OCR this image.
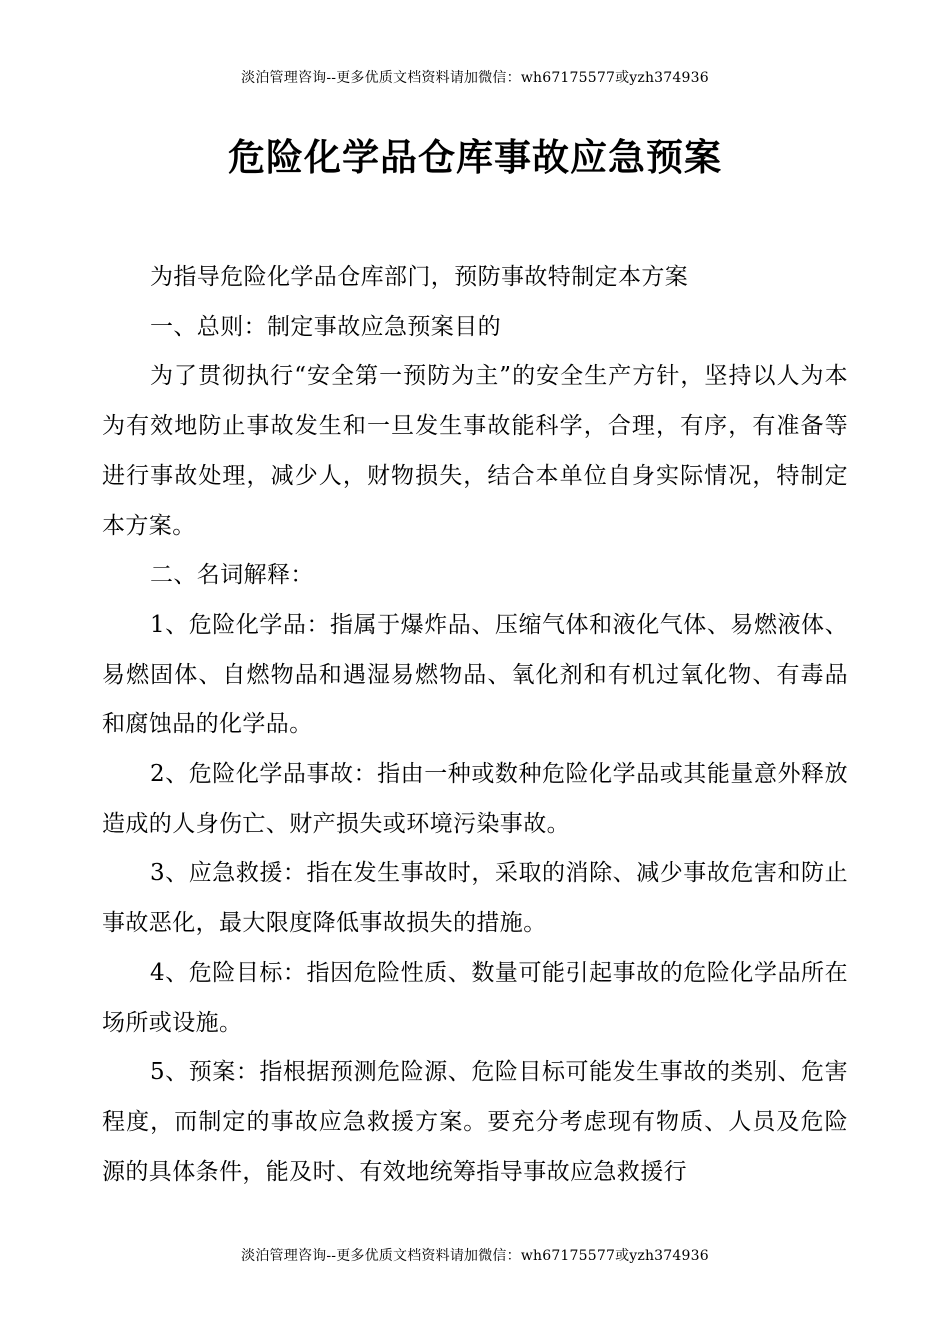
淡泊管理咨询--更多优质文档资料请加微信：wh67175577或yzh374936
危险化学品仓库事故应急预案

为指导危险化学品仓库部门，预防事故特制定本方案

一、总则：制定事故应急预案目的

为了贯彻执行“安全第一预防为主”的安全生产方针，坚持以人为本为有效地防止事故发生和一旦发生事故能科学，合理，有序，有准备等进行事故处理，减少人，财物损失，结合本单位自身实际情况，特制定本方案。

二、名词解释：

1、危险化学品：指属于爆炸品、压缩气体和液化气体、易燃液体、易燃固体、自燃物品和遇湿易燃物品、氧化剂和有机过氧化物、有毒品和腐蚀品的化学品。

2、危险化学品事故：指由一种或数种危险化学品或其能量意外释放造成的人身伤亡、财产损失或环境污染事故。

3、应急救援：指在发生事故时，采取的消除、减少事故危害和防止事故恶化，最大限度降低事故损失的措施。

4、危险目标：指因危险性质、数量可能引起事故的危险化学品所在场所或设施。

5、预案：指根据预测危险源、危险目标可能发生事故的类别、危害程度，而制定的事故应急救援方案。要充分考虑现有物质、人员及危险源的具体条件，能及时、有效地统筹指导事故应急救援行

淡泊管理咨询--更多优质文档资料请加微信：wh67175577或yzh374936
